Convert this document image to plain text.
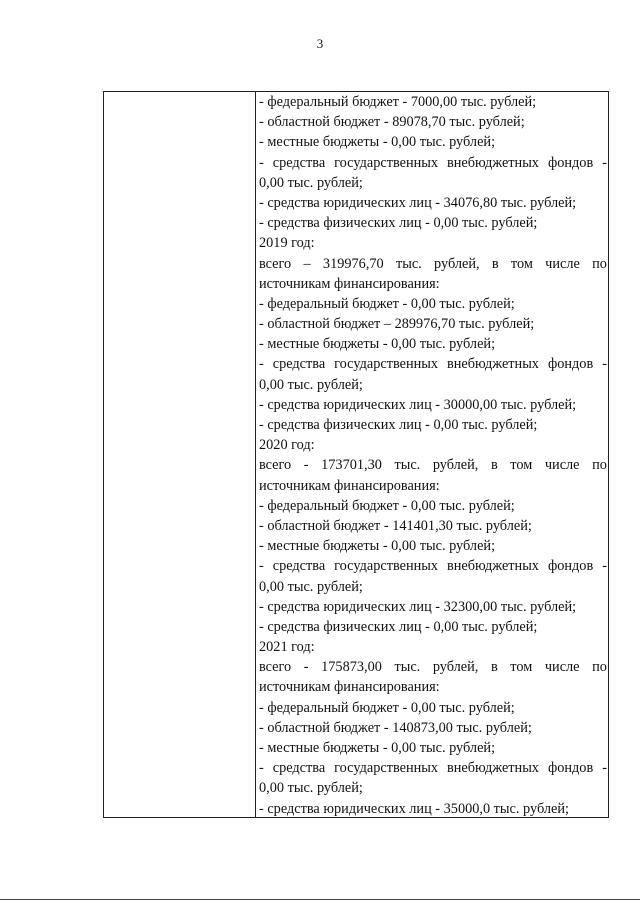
3
- федеральный бюджет - 7000,00 тыс. рублей;
- областной бюджет - 89078,70 тыс. рублей;
- местные бюджеты - 0,00 тыс. рублей;
- средства государственных внебюджетных фондов -
0,00 тыс. рублей;
- средства юридических лиц - 34076,80 тыс. рублей;
- средства физических лиц - 0,00 тыс. рублей;
2019 год:
всего – 319976,70 тыс. рублей, в том числе по
источникам финансирования:
- федеральный бюджет - 0,00 тыс. рублей;
- областной бюджет – 289976,70 тыс. рублей;
- местные бюджеты - 0,00 тыс. рублей;
- средства государственных внебюджетных фондов -
0,00 тыс. рублей;
- средства юридических лиц - 30000,00 тыс. рублей;
- средства физических лиц - 0,00 тыс. рублей;
2020 год:
всего - 173701,30 тыс. рублей, в том числе по
источникам финансирования:
- федеральный бюджет - 0,00 тыс. рублей;
- областной бюджет - 141401,30 тыс. рублей;
- местные бюджеты - 0,00 тыс. рублей;
- средства государственных внебюджетных фондов -
0,00 тыс. рублей;
- средства юридических лиц - 32300,00 тыс. рублей;
- средства физических лиц - 0,00 тыс. рублей;
2021 год:
всего - 175873,00 тыс. рублей, в том числе по
источникам финансирования:
- федеральный бюджет - 0,00 тыс. рублей;
- областной бюджет - 140873,00 тыс. рублей;
- местные бюджеты - 0,00 тыс. рублей;
- средства государственных внебюджетных фондов -
0,00 тыс. рублей;
- средства юридических лиц - 35000,0 тыс. рублей;
